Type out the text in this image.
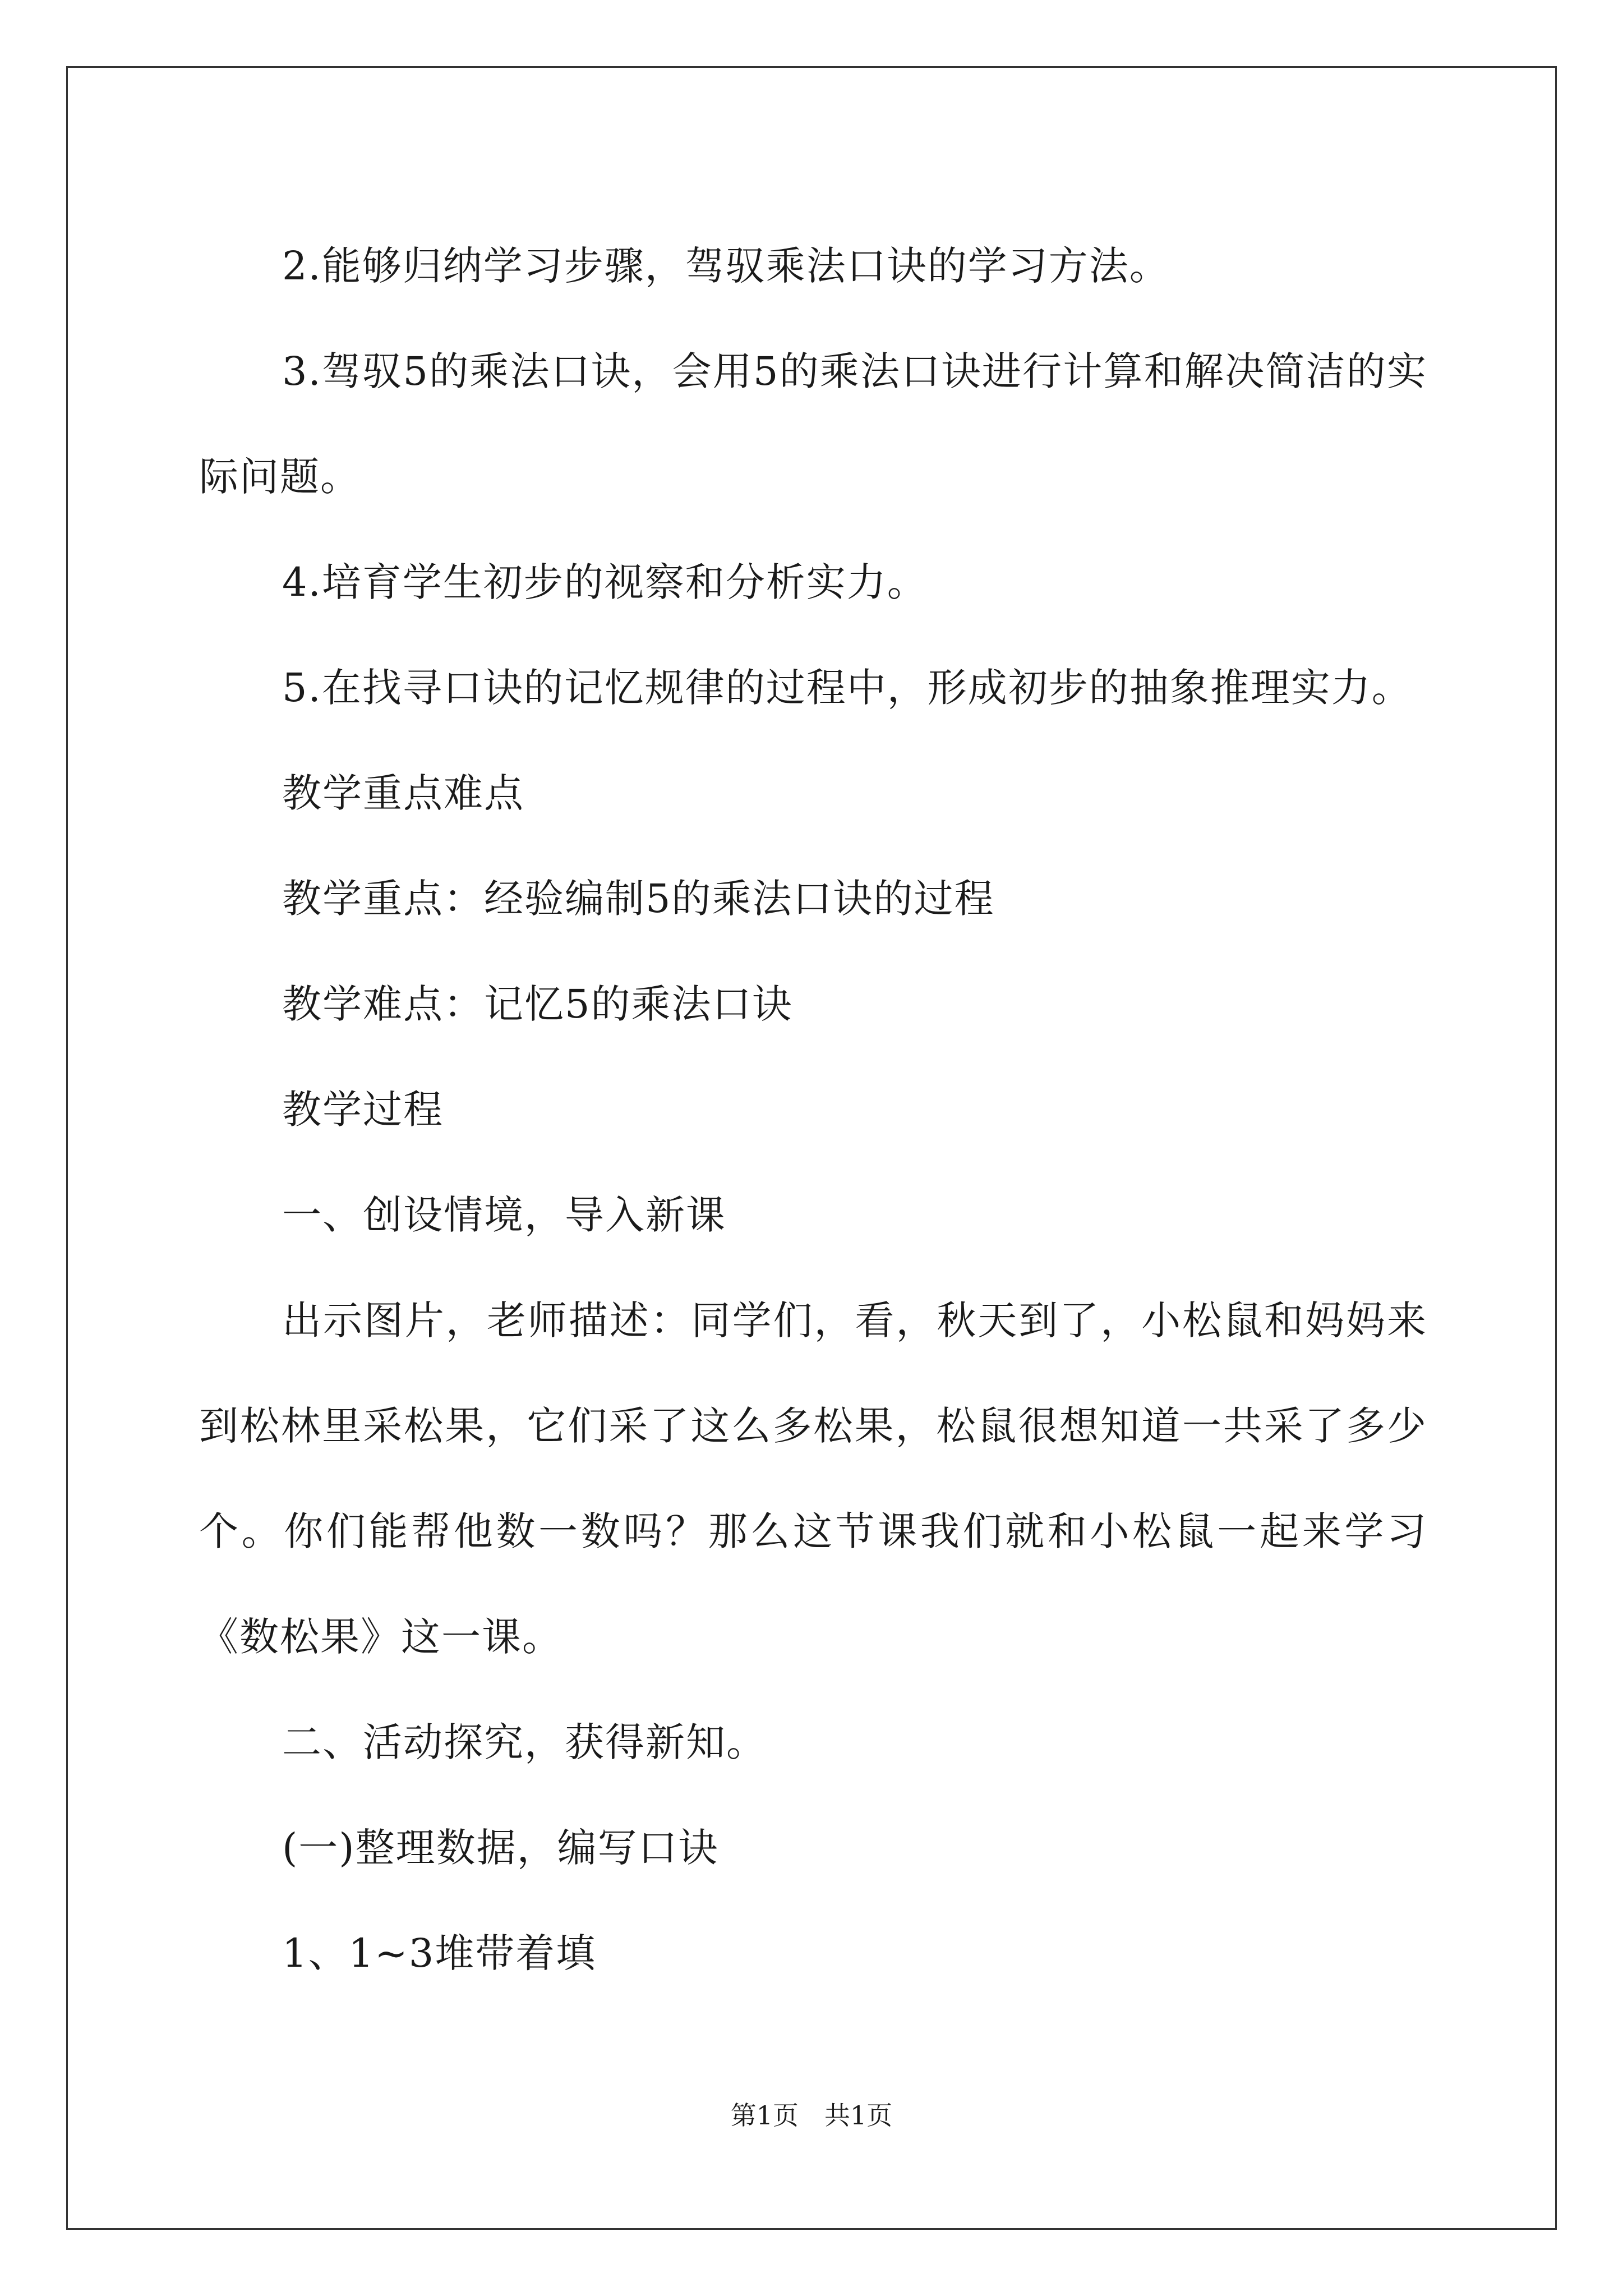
2.能够归纳学习步骤，驾驭乘法口诀的学习方法。

3.驾驭5的乘法口诀，会用5的乘法口诀进行计算和解决简洁的实际问题。

4.培育学生初步的视察和分析实力。

5.在找寻口诀的记忆规律的过程中，形成初步的抽象推理实力。

教学重点难点

教学重点：经验编制5的乘法口诀的过程

教学难点：记忆5的乘法口诀

教学过程

一、创设情境，导入新课

出示图片，老师描述：同学们，看，秋天到了，小松鼠和妈妈来到松林里采松果，它们采了这么多松果，松鼠很想知道一共采了多少个。你们能帮他数一数吗？那么这节课我们就和小松鼠一起来学习《数松果》这一课。

二、活动探究，获得新知。

(一)整理数据，编写口诀

1、1~3堆带着填

第1页　共1页
